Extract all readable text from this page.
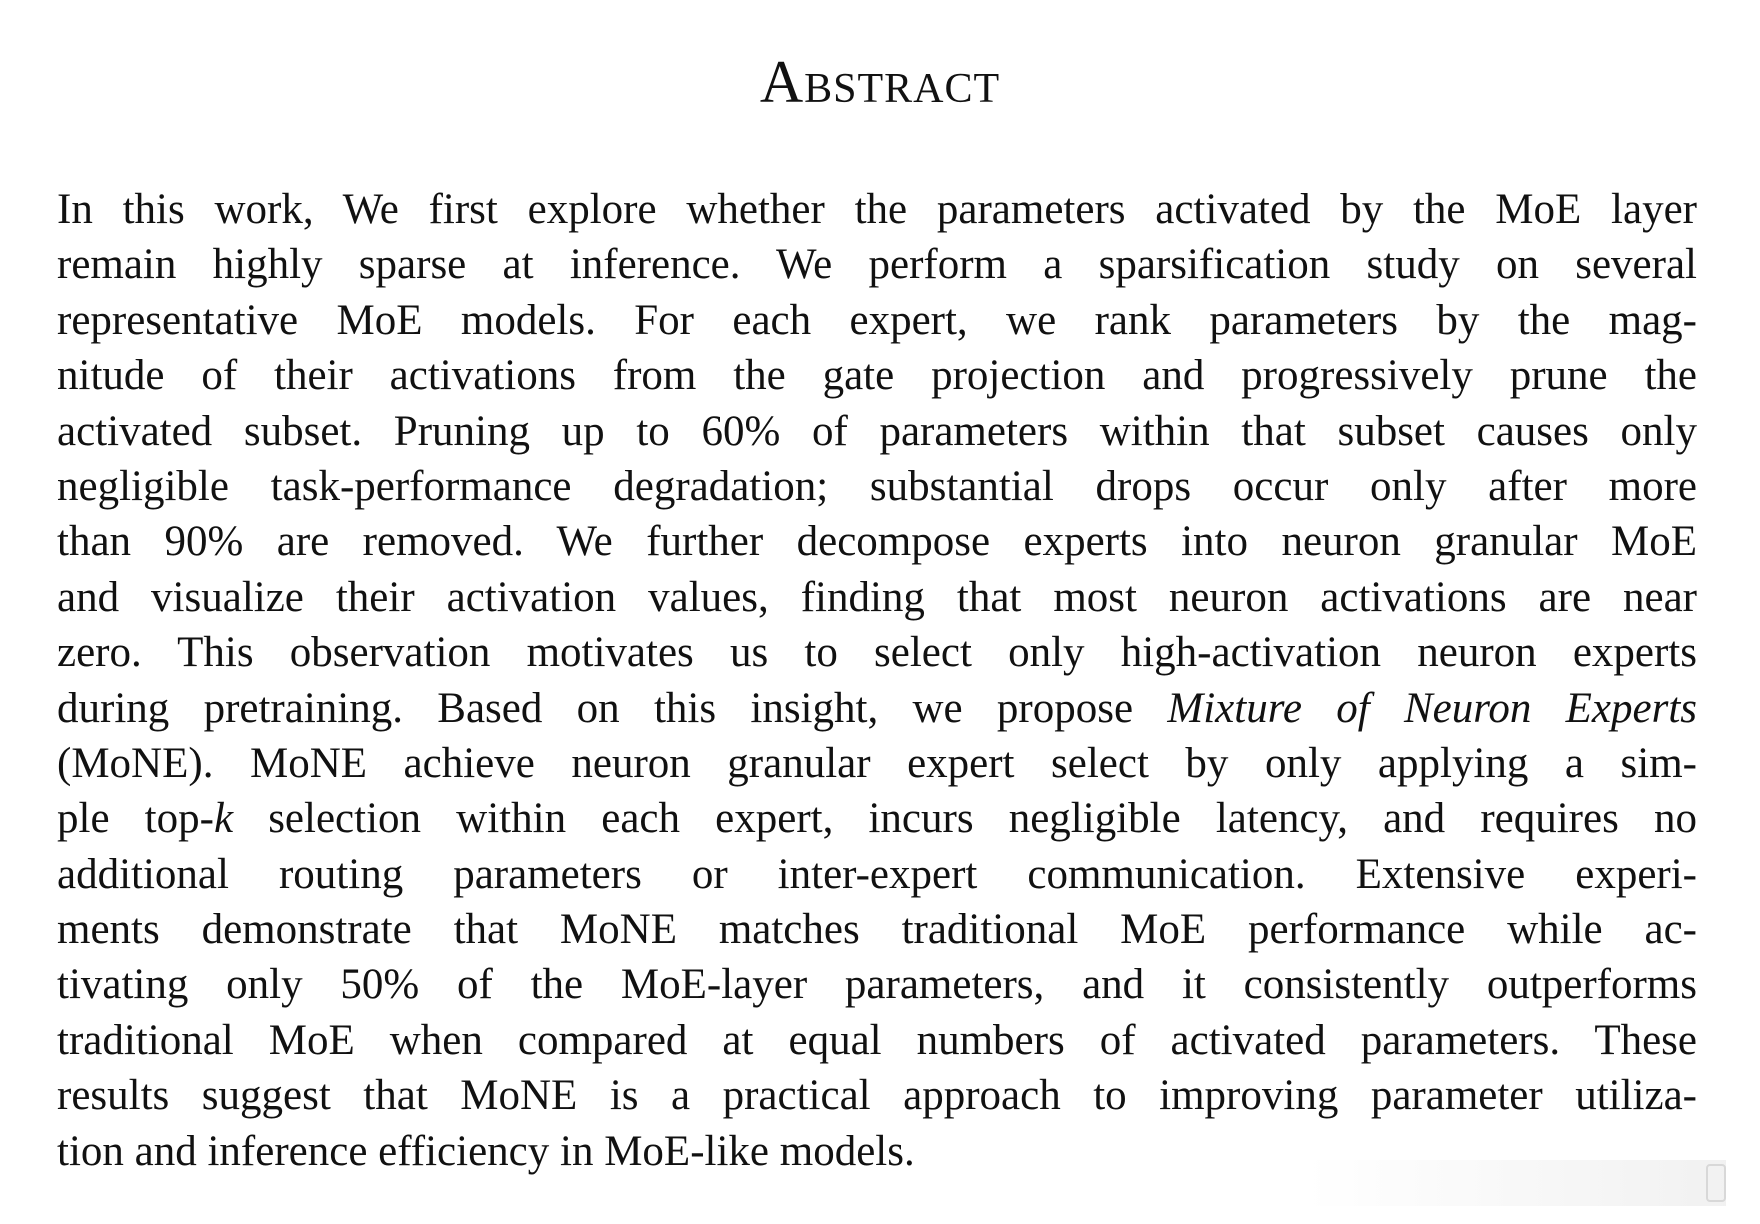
Abstract
In this work, We first explore whether the parameters activated by the MoE layer
remain highly sparse at inference. We perform a sparsification study on several
representative MoE models. For each expert, we rank parameters by the mag-
nitude of their activations from the gate projection and progressively prune the
activated subset. Pruning up to 60% of parameters within that subset causes only
negligible task-performance degradation; substantial drops occur only after more
than 90% are removed. We further decompose experts into neuron granular MoE
and visualize their activation values, finding that most neuron activations are near
zero. This observation motivates us to select only high-activation neuron experts
during pretraining. Based on this insight, we propose Mixture of Neuron Experts
(MoNE). MoNE achieve neuron granular expert select by only applying a sim-
ple top-k selection within each expert, incurs negligible latency, and requires no
additional routing parameters or inter-expert communication. Extensive experi-
ments demonstrate that MoNE matches traditional MoE performance while ac-
tivating only 50% of the MoE-layer parameters, and it consistently outperforms
traditional MoE when compared at equal numbers of activated parameters. These
results suggest that MoNE is a practical approach to improving parameter utiliza-
tion and inference efficiency in MoE-like models.
